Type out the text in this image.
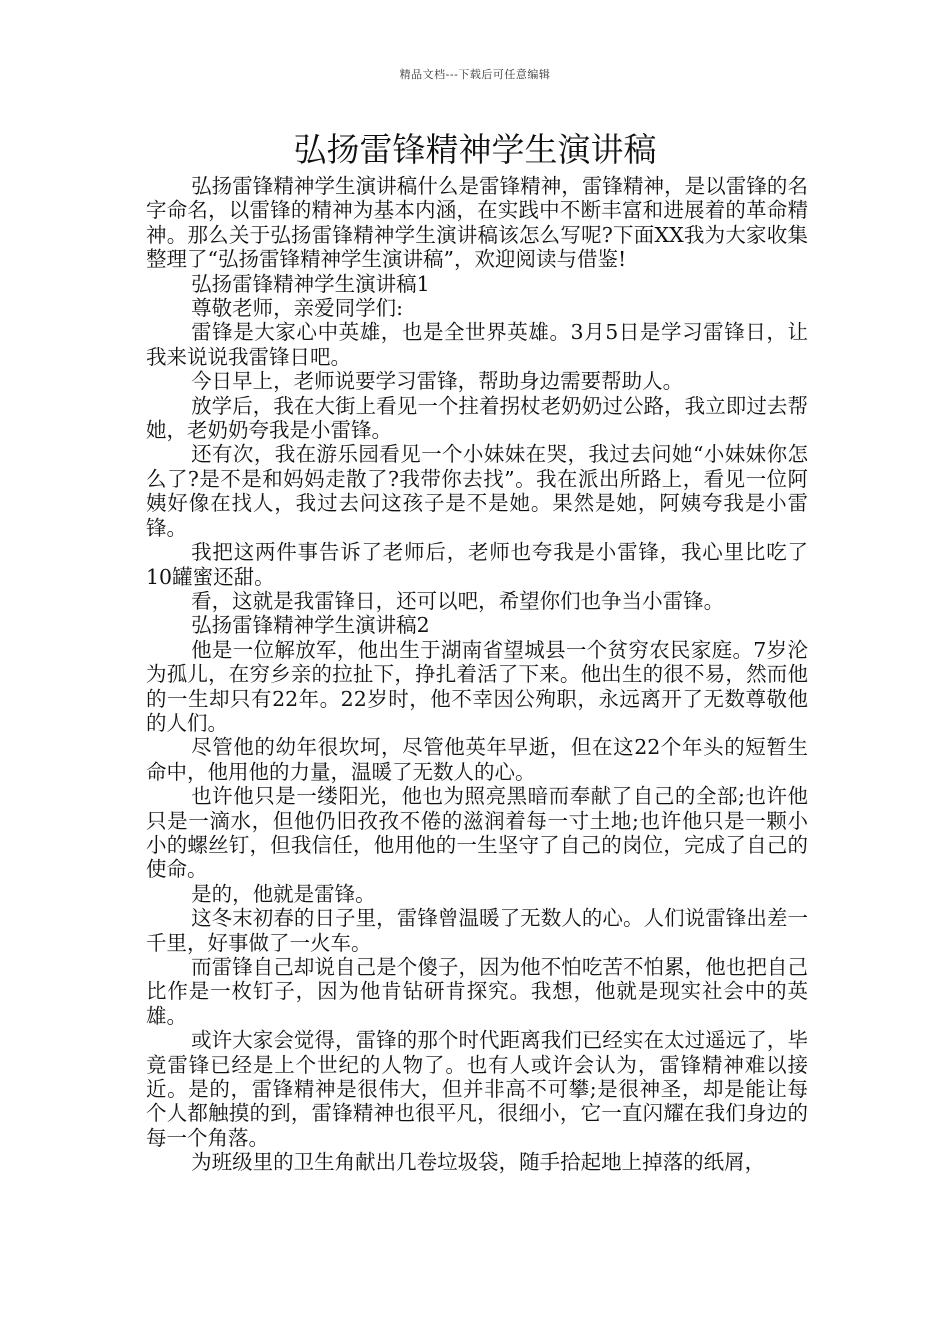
精品文档---下载后可任意编辑
弘扬雷锋精神学生演讲稿

弘扬雷锋精神学生演讲稿什么是雷锋精神，雷锋精神，是以雷锋的名字命名，以雷锋的精神为基本内涵，在实践中不断丰富和进展着的革命精神。那么关于弘扬雷锋精神学生演讲稿该怎么写呢?下面XX我为大家收集整理了“弘扬雷锋精神学生演讲稿”，欢迎阅读与借鉴!

弘扬雷锋精神学生演讲稿1

尊敬老师，亲爱同学们:

雷锋是大家心中英雄，也是全世界英雄。3月5日是学习雷锋日，让我来说说我雷锋日吧。

今日早上，老师说要学习雷锋，帮助身边需要帮助人。

放学后，我在大街上看见一个拄着拐杖老奶奶过公路，我立即过去帮她，老奶奶夸我是小雷锋。

还有次，我在游乐园看见一个小妹妹在哭，我过去问她“小妹妹你怎么了?是不是和妈妈走散了?我带你去找”。我在派出所路上，看见一位阿姨好像在找人，我过去问这孩子是不是她。果然是她，阿姨夸我是小雷锋。

我把这两件事告诉了老师后，老师也夸我是小雷锋，我心里比吃了10罐蜜还甜。

看，这就是我雷锋日，还可以吧，希望你们也争当小雷锋。

弘扬雷锋精神学生演讲稿2

他是一位解放军，他出生于湖南省望城县一个贫穷农民家庭。7岁沦为孤儿，在穷乡亲的拉扯下，挣扎着活了下来。他出生的很不易，然而他的一生却只有22年。22岁时，他不幸因公殉职，永远离开了无数尊敬他的人们。

尽管他的幼年很坎坷，尽管他英年早逝，但在这22个年头的短暂生命中，他用他的力量，温暖了无数人的心。

也许他只是一缕阳光，他也为照亮黑暗而奉献了自己的全部;也许他只是一滴水，但他仍旧孜孜不倦的滋润着每一寸土地;也许他只是一颗小小的螺丝钉，但我信任，他用他的一生坚守了自己的岗位，完成了自己的使命。

是的，他就是雷锋。

这冬末初春的日子里，雷锋曾温暖了无数人的心。人们说雷锋出差一千里，好事做了一火车。

而雷锋自己却说自己是个傻子，因为他不怕吃苦不怕累，他也把自己比作是一枚钉子，因为他肯钻研肯探究。我想，他就是现实社会中的英雄。

或许大家会觉得，雷锋的那个时代距离我们已经实在太过遥远了，毕竟雷锋已经是上个世纪的人物了。也有人或许会认为，雷锋精神难以接近。是的，雷锋精神是很伟大，但并非高不可攀;是很神圣，却是能让每个人都触摸的到，雷锋精神也很平凡，很细小，它一直闪耀在我们身边的每一个角落。

为班级里的卫生角献出几卷垃圾袋，随手拾起地上掉落的纸屑，
